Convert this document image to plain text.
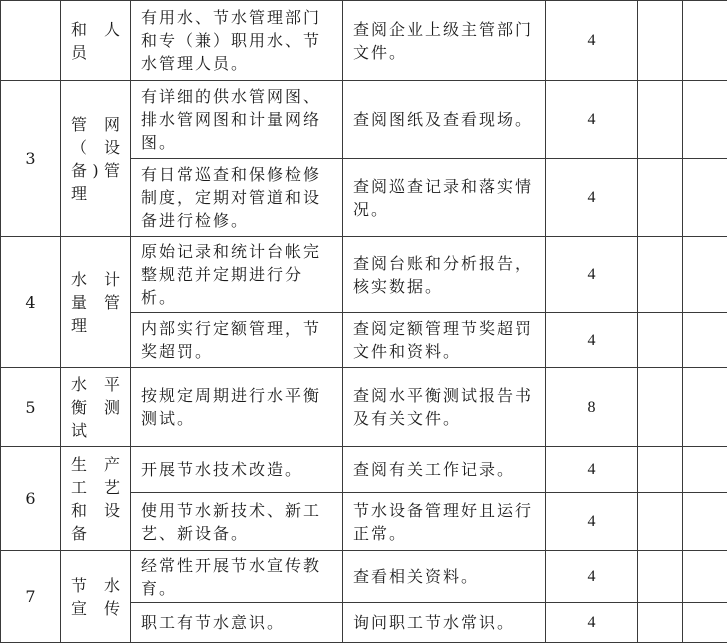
	和人员	有用水、节水管理部门和专（兼）职用水、节水管理人员。	查阅企业上级主管部门文件。	4		
3	管网（设备)管理	有详细的供水管网图、排水管网图和计量网络图。	查阅图纸及查看现场。	4		
		有日常巡查和保修检修制度，定期对管道和设备进行检修。	查阅巡查记录和落实情况。	4		
4	水计量管理	原始记录和统计台帐完整规范并定期进行分析。	查阅台账和分析报告，核实数据。	4		
		内部实行定额管理，节奖超罚。	查阅定额管理节奖超罚文件和资料。	4		
5	水平衡测试	按规定周期进行水平衡测试。	查阅水平衡测试报告书及有关文件。	8		
6	生产工艺和设备	开展节水技术改造。	查阅有关工作记录。	4		
		使用节水新技术、新工艺、新设备。	节水设备管理好且运行正常。	4		
7	节水宣传	经常性开展节水宣传教育。	查看相关资料。	4		
		职工有节水意识。	询问职工节水常识。	4		
